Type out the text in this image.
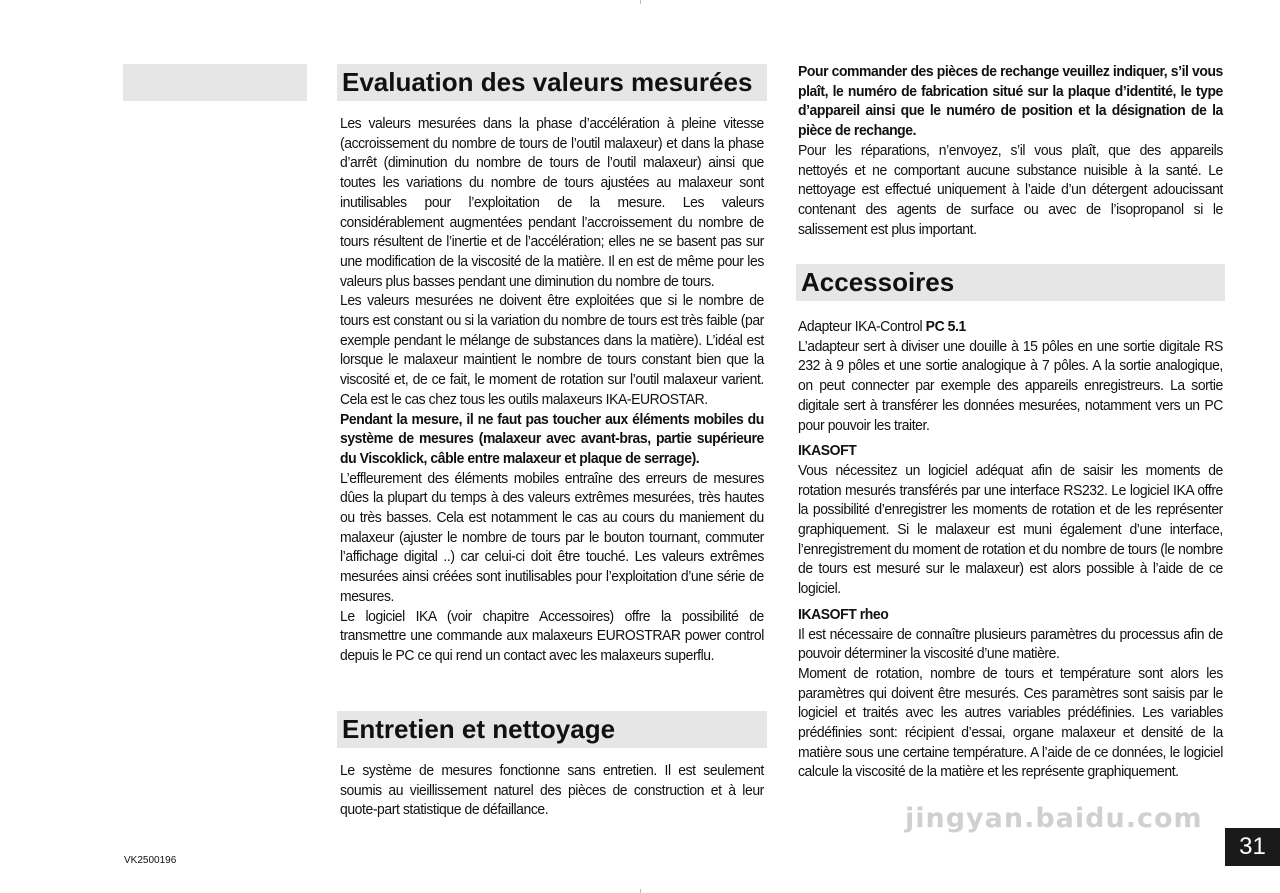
Evaluation des valeurs mesurées

Les valeurs mesurées dans la phase d’accélération à pleine vitesse (accroissement du nombre de tours de l’outil malaxeur) et dans la phase d’arrêt (diminution du nombre de tours de l’outil malaxeur) ainsi que toutes les variations du nombre de tours ajustées au malaxeur sont inutilisables pour l’exploitation de la mesure. Les valeurs considérablement augmentées pendant l’accroissement du nombre de tours résultent de l’inertie et de l’accélération; elles ne se basent pas sur une modification de la viscosité de la matière. Il en est de même pour les valeurs plus basses pendant une diminution du nombre de tours.

Les valeurs mesurées ne doivent être exploitées que si le nombre de tours est constant ou si la variation du nombre de tours est très faible (par exemple pendant le mélange de substances dans la matière). L’idéal est lorsque le malaxeur maintient le nombre de tours constant bien que la viscosité et, de ce fait, le moment de rotation sur l’outil malaxeur varient. Cela est le cas chez tous les outils malaxeurs IKA-EUROSTAR.

Pendant la mesure, il ne faut pas toucher aux éléments mobiles du système de mesures (malaxeur avec avant-bras, partie supérieure du Viscoklick, câble entre malaxeur et plaque de serrage).

L’effleurement des éléments mobiles entraîne des erreurs de mesures dûes la plupart du temps à des valeurs extrêmes mesurées, très hautes ou très basses. Cela est notamment le cas au cours du maniement du malaxeur (ajuster le nombre de tours par le bouton tournant, commuter l’affichage digital ..) car celui-ci doit être touché. Les valeurs extrêmes mesurées ainsi créées sont inutilisables pour l’exploitation d’une série de mesures.

Le logiciel IKA (voir chapitre Accessoires) offre la possibilité de transmettre une commande aux malaxeurs EUROSTRAR power control depuis le PC ce qui rend un contact avec les malaxeurs superflu.

Entretien et nettoyage

Le système de mesures fonctionne sans entretien. Il est seulement soumis au vieillissement naturel des pièces de construction et à leur quote-part statistique de défaillance.

Pour commander des pièces de rechange veuillez indiquer, s’il vous plaît, le numéro de fabrication situé sur la plaque d’identité, le type d’appareil ainsi que le numéro de position et la désignation de la pièce de rechange.

Pour les réparations, n’envoyez, s’il vous plaît, que des appareils nettoyés et ne comportant aucune substance nuisible à la santé. Le nettoyage est effectué uniquement à l’aide d’un détergent adoucissant contenant des agents de surface ou avec de l’isopropanol si le salissement est plus important.

Accessoires

Adapteur IKA-Control PC 5.1

L’adapteur sert à diviser une douille à 15 pôles en une sortie digitale RS 232 à 9 pôles et une sortie analogique à 7 pôles. A la sortie analogique, on peut connecter par exemple des appareils enregistreurs. La sortie digitale sert à transférer les données mesurées, notamment vers un PC pour pouvoir les traiter.

IKASOFT

Vous nécessitez un logiciel adéquat afin de saisir les moments de rotation mesurés transférés par une interface RS232. Le logiciel IKA offre la possibilité d’enregistrer les moments de rotation et de les représenter graphiquement. Si le malaxeur est muni également d’une interface, l’enregistrement du moment de rotation et du nombre de tours (le nombre de tours est mesuré sur le malaxeur) est alors possible à l’aide de ce logiciel.

IKASOFT rheo

Il est nécessaire de connaître plusieurs paramètres du processus afin de pouvoir déterminer la viscosité d’une matière.

Moment de rotation, nombre de tours et température sont alors les paramètres qui doivent être mesurés. Ces paramètres sont saisis par le logiciel et traités avec les autres variables prédéfinies. Les variables prédéfinies sont: récipient d’essai, organe malaxeur et densité de la matière sous une certaine température. A l’aide de ce données, le logiciel calcule la viscosité de la matière et les représente graphiquement.

VK2500196
31
jingyan.baidu.com
